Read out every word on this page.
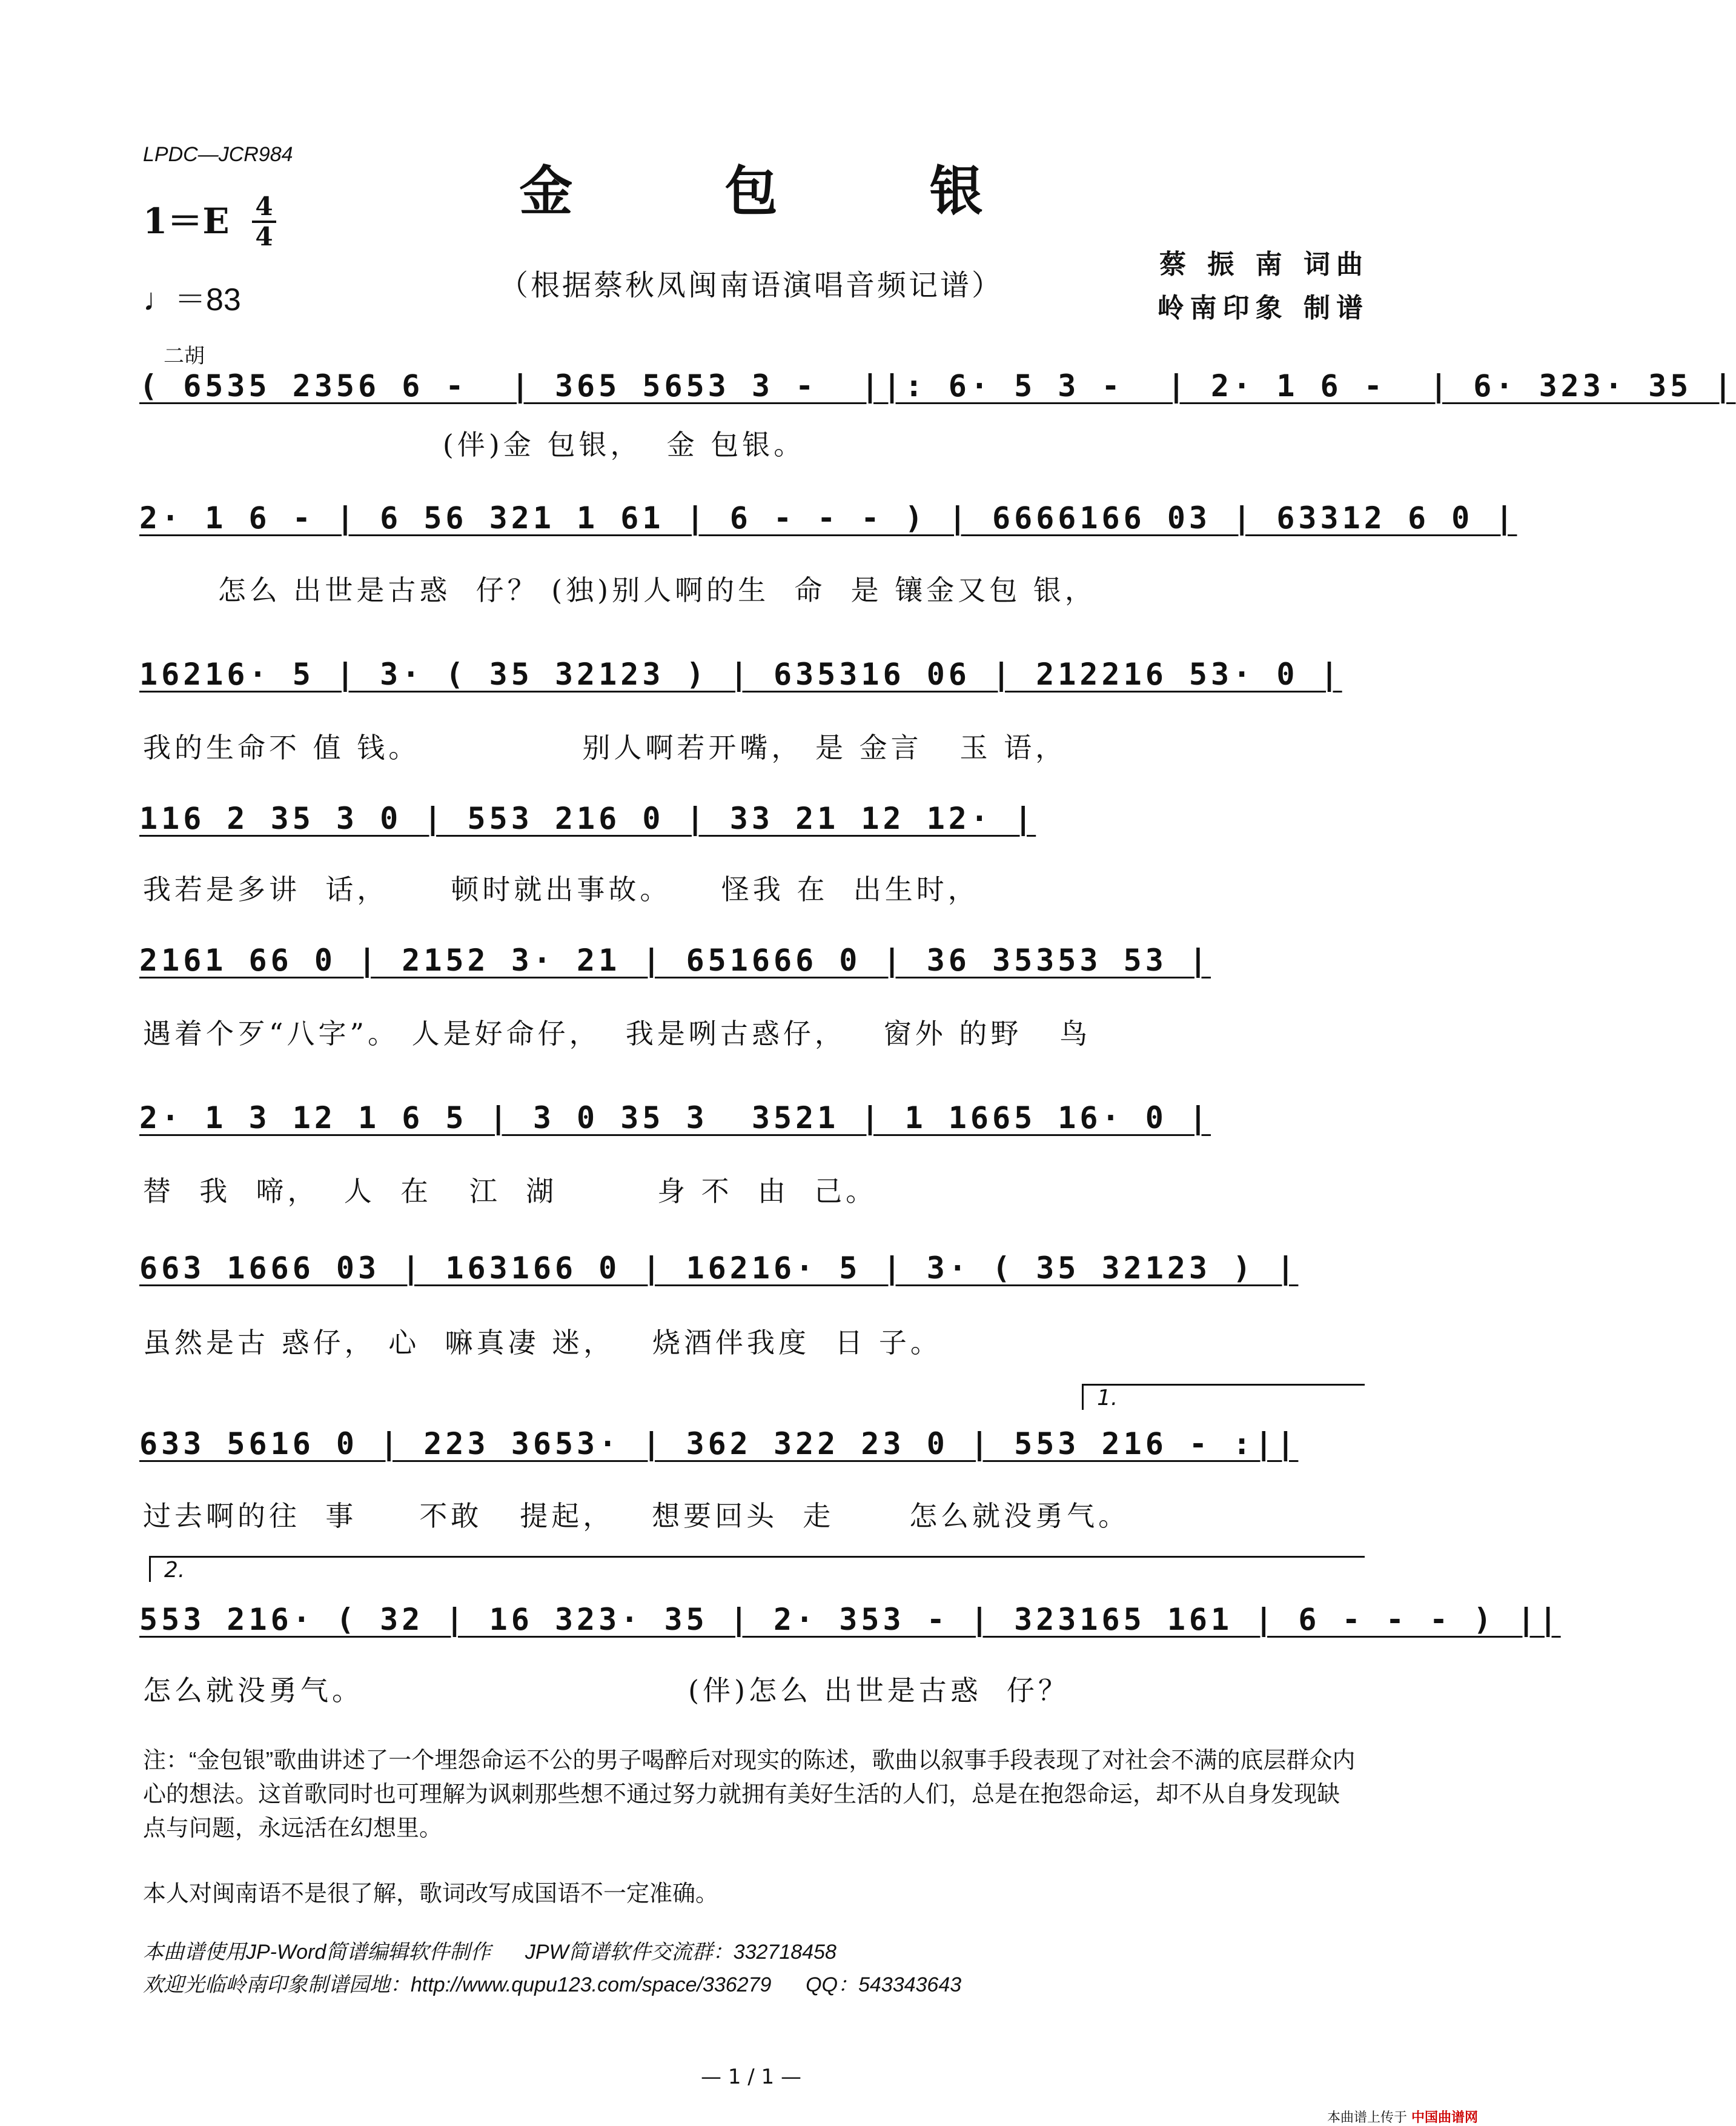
LPDC—JCR984
金 包 银
1＝E 4
4
♩＝83	（根据蔡秋凤闽南语演唱音频记谱）
蔡 振 南 词曲
岭南印象 制谱
二胡
( 6535 2356 6 -  | 365 5653 3 -  ||: 6· 5 3 -  | 2· 1 6 -  | 6· 323· 35 |
(伴)金 包银，  金 包银。
2· 1 6 - | 6 56 321 1 61 | 6 - - - ) | 6666166 03 | 63312 6 0 |
怎么 出世是古惑  仔？ (独)别人啊的生  命  是 镶金又包 银，
16216· 5 | 3· ( 35 32123 ) | 635316 06 | 212216 53· 0 |
我的生命不 值 钱。             别人啊若开嘴， 是 金言   玉 语，
116 2 35 3 0 | 553 216 0 | 33 21 12 12· |
我若是多讲  话，     顿时就出事故。    怪我 在  出生时，
2161 66 0 | 2152 3· 21 | 651666 0 | 36 35353 53 |
遇着个歹“八字”。 人是好命仔，  我是咧古惑仔，   窗外 的野   鸟
2· 1 3 12 1 6 5 | 3 0 35 3  3521 | 1 1665 16· 0 |
替  我  啼，  人  在   江  湖        身 不  由  己。
663 1666 03 | 163166 0 | 16216· 5 | 3· ( 35 32123 ) |
虽然是古 惑仔， 心  嘛真凄 迷，   烧酒伴我度  日 子。
1.
633 5616 0 | 223 3653· | 362 322 23 0 | 553 216 - :||
过去啊的往  事     不敢   提起，   想要回头  走      怎么就没勇气。
2.
553 216· ( 32 | 16 323· 35 | 2· 353 - | 323165 161 | 6 - - - ) ||
怎么就没勇气。                          (伴)怎么 出世是古惑  仔？
注：“金包银”歌曲讲述了一个埋怨命运不公的男子喝醉后对现实的陈述，歌曲以叙事手段表现了对社会不满的底层群众内心的想法。这首歌同时也可理解为讽刺那些想不通过努力就拥有美好生活的人们，总是在抱怨命运，却不从自身发现缺点与问题，永远活在幻想里。
本人对闽南语不是很了解，歌词改写成国语不一定准确。
本曲谱使用JP-Word简谱编辑软件制作      JPW简谱软件交流群：332718458
欢迎光临岭南印象制谱园地：http://www.qupu123.com/space/336279      QQ：543343643
— 1 / 1 —
本曲谱上传于 中国曲谱网
